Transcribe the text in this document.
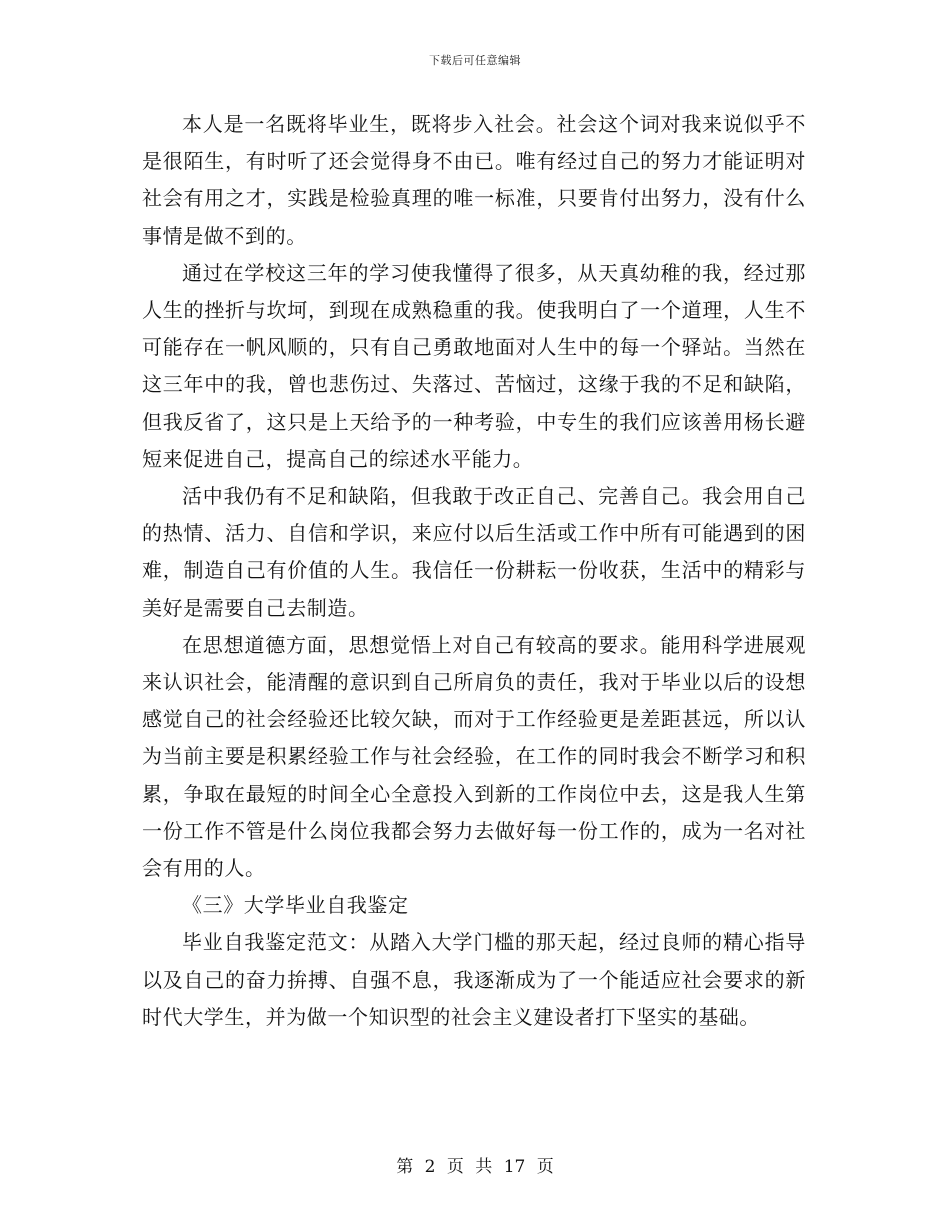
下载后可任意编辑

本人是一名既将毕业生，既将步入社会。社会这个词对我来说似乎不是很陌生，有时听了还会觉得身不由已。唯有经过自己的努力才能证明对社会有用之才，实践是检验真理的唯一标准，只要肯付出努力，没有什么事情是做不到的。

通过在学校这三年的学习使我懂得了很多，从天真幼稚的我，经过那人生的挫折与坎坷，到现在成熟稳重的我。使我明白了一个道理，人生不可能存在一帆风顺的，只有自己勇敢地面对人生中的每一个驿站。当然在这三年中的我，曾也悲伤过、失落过、苦恼过，这缘于我的不足和缺陷，但我反省了，这只是上天给予的一种考验，中专生的我们应该善用杨长避短来促进自己，提高自己的综述水平能力。

活中我仍有不足和缺陷，但我敢于改正自己、完善自己。我会用自己的热情、活力、自信和学识，来应付以后生活或工作中所有可能遇到的困难，制造自己有价值的人生。我信任一份耕耘一份收获，生活中的精彩与美好是需要自己去制造。

在思想道德方面，思想觉悟上对自己有较高的要求。能用科学进展观来认识社会，能清醒的意识到自己所肩负的责任，我对于毕业以后的设想感觉自己的社会经验还比较欠缺，而对于工作经验更是差距甚远，所以认为当前主要是积累经验工作与社会经验，在工作的同时我会不断学习和积累，争取在最短的时间全心全意投入到新的工作岗位中去，这是我人生第一份工作不管是什么岗位我都会努力去做好每一份工作的，成为一名对社会有用的人。

《三》大学毕业自我鉴定

毕业自我鉴定范文：从踏入大学门槛的那天起，经过良师的精心指导以及自己的奋力拚搏、自强不息，我逐渐成为了一个能适应社会要求的新时代大学生，并为做一个知识型的社会主义建设者打下坚实的基础。

第 2 页 共 17 页
